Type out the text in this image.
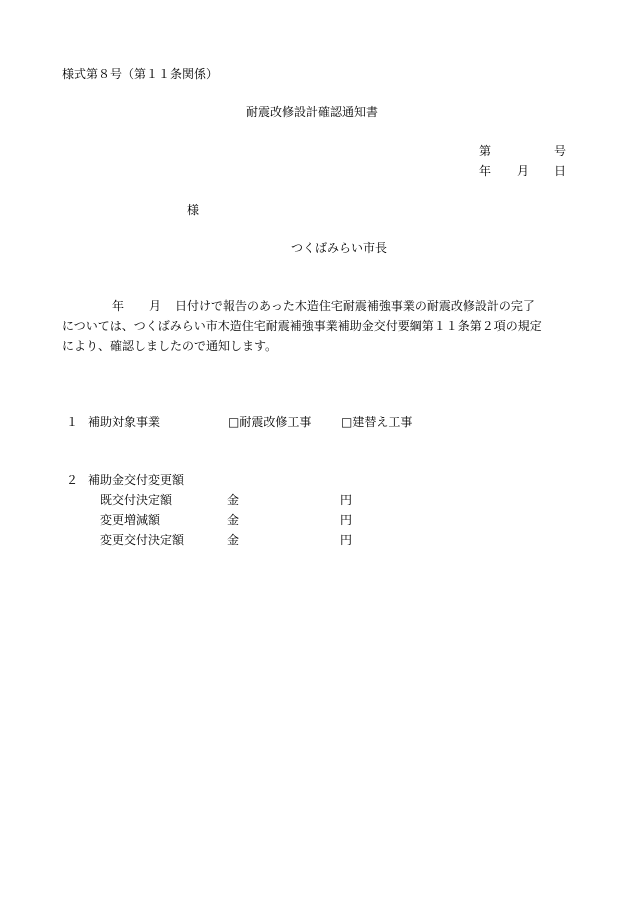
様式第８号（第１１条関係）
耐震改修設計確認通知書
第	号
年 月 日
様
つくばみらい市長
年 月 日付けで報告のあった木造住宅耐震補強事業の耐震改修設計の完了
については、つくばみらい市木造住宅耐震補強事業補助金交付要綱第１１条第２項の規定
により、確認しましたので通知します。
１ 補助対象事業	□耐震改修工事 □建替え工事
２ 補助金交付変更額
既交付決定額	金	円
変更増減額	金	円
変更交付決定額	金	円
